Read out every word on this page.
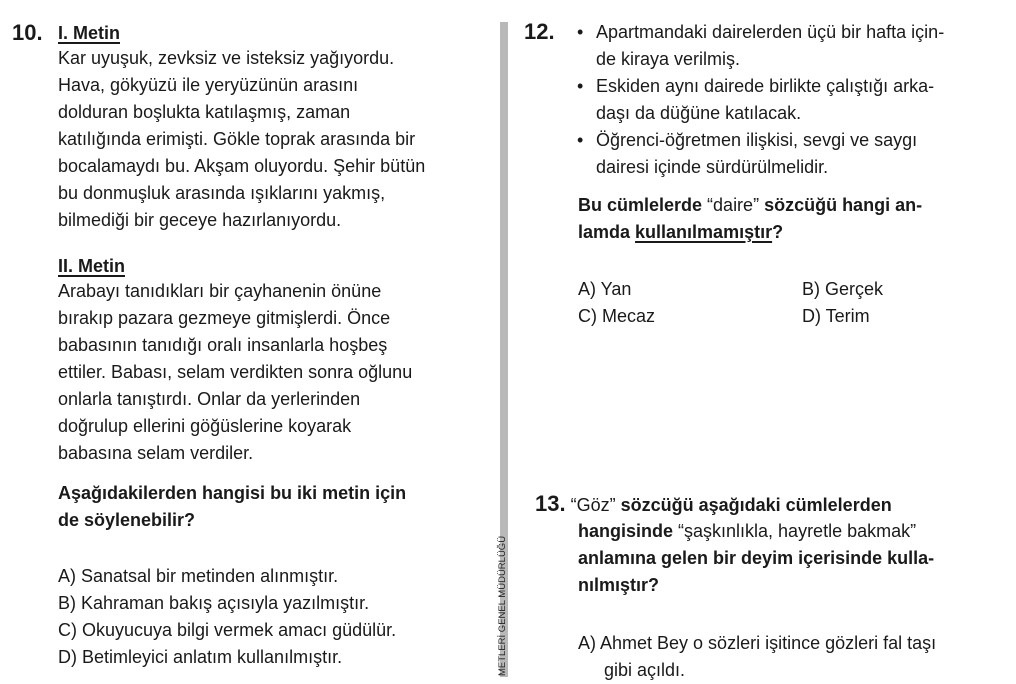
10. I. Metin
Kar uyuşuk, zevksiz ve isteksiz yağıyordu.
Hava, gökyüzü ile yeryüzünün arasını
dolduran boşlukta katılaşmış, zaman
katılığında erimişti. Gökle toprak arasında bir
bocalamaydı bu. Akşam oluyordu. Şehir bütün
bu donmuşluk arasında ışıklarını yakmış,
bilmediği bir geceye hazırlanıyordu.
II. Metin
Arabayı tanıdıkları bir çayhanenin önüne
bırakıp pazara gezmeye gitmişlerdi. Önce
babasının tanıdığı oralı insanlarla hoşbeş
ettiler. Babası, selam verdikten sonra oğlunu
onlarla tanıştırdı. Onlar da yerlerinden
doğrulup ellerini göğüslerine koyarak
babasına selam verdiler.
Aşağıdakilerden hangisi bu iki metin için
de söylenebilir?
A) Sanatsal bir metinden alınmıştır.
B) Kahraman bakış açısıyla yazılmıştır.
C) Okuyucuya bilgi vermek amacı güdülür.
D) Betimleyici anlatım kullanılmıştır.	METLERİ GENEL MÜDÜRLÜĞÜ
12. • Apartmandaki dairelerden üçü bir hafta için-
de kiraya verilmiş.
• Eskiden aynı dairede birlikte çalıştığı arka-
daşı da düğüne katılacak.
• Öğrenci-öğretmen ilişkisi, sevgi ve saygı
dairesi içinde sürdürülmelidir.
Bu cümlelerde “daire” sözcüğü hangi an-
lamda kullanılmamıştır?
A) Yan	B) Gerçek
C) Mecaz	D) Terim
13. “Göz” sözcüğü aşağıdaki cümlelerden
hangisinde “şaşkınlıkla, hayretle bakmak”
anlamına gelen bir deyim içerisinde kulla-
nılmıştır?
A) Ahmet Bey o sözleri işitince gözleri fal taşı
gibi açıldı.
